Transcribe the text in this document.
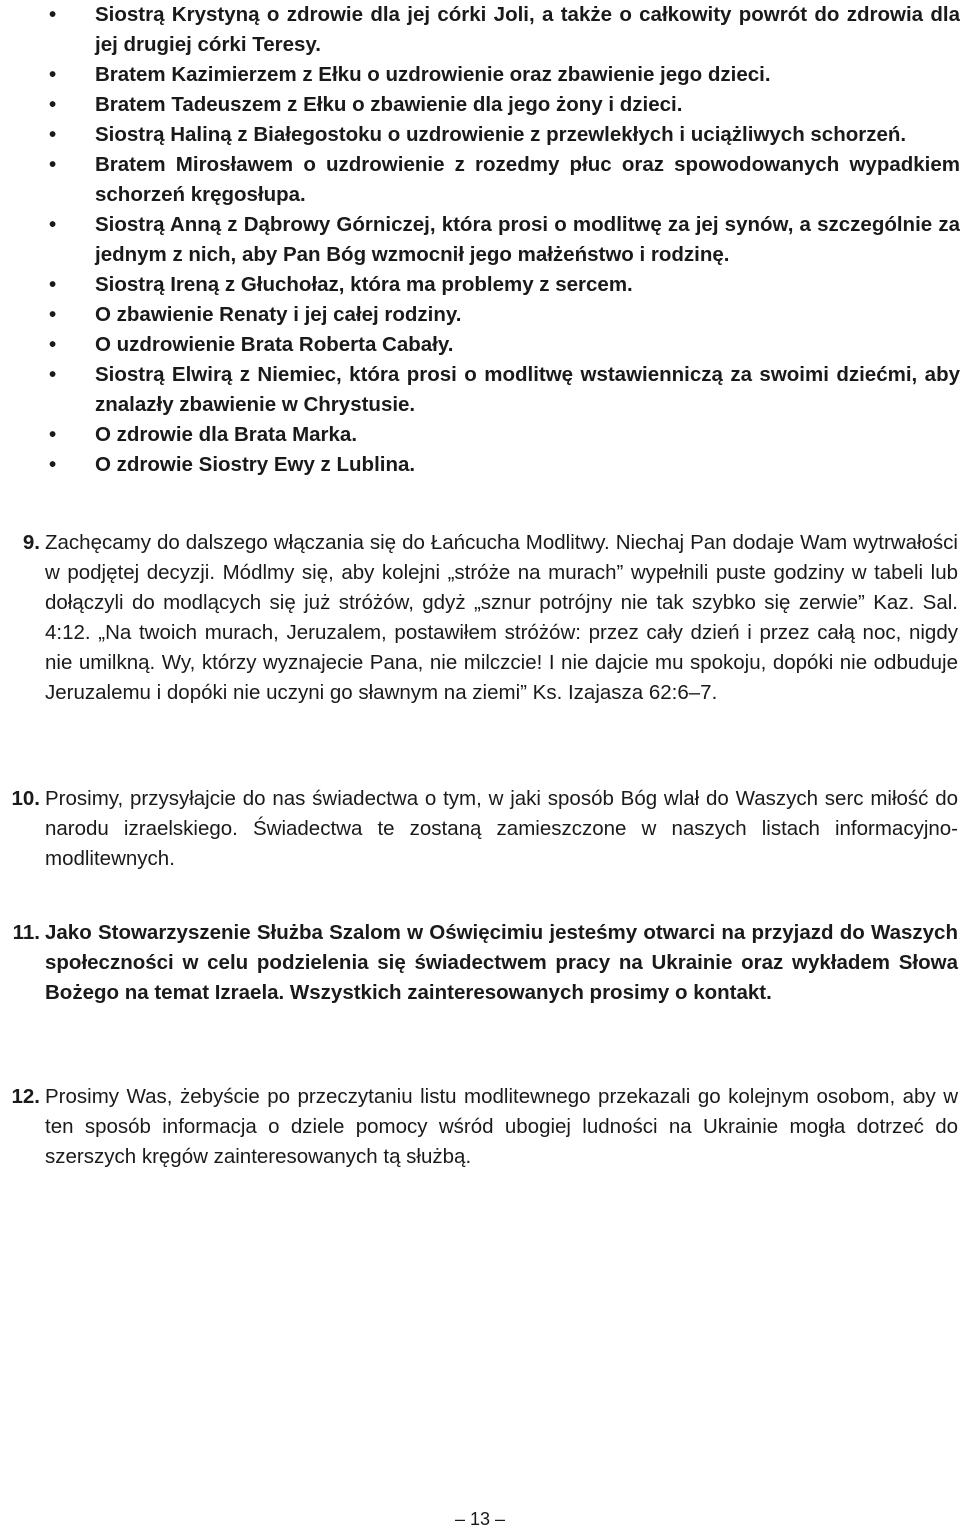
• Siostrą Krystyną o zdrowie dla jej córki Joli, a także o całkowity powrót do zdrowia dla jej drugiej córki Teresy.
• Bratem Kazimierzem z Ełku o uzdrowienie oraz zbawienie jego dzieci.
• Bratem Tadeuszem z Ełku o zbawienie dla jego żony i dzieci.
• Siostrą Haliną z Białegostoku o uzdrowienie z przewlekłych i uciążliwych schorzeń.
• Bratem Mirosławem o uzdrowienie z rozedmy płuc oraz spowodowanych wypadkiem schorzeń kręgosłupa.
• Siostrą Anną z Dąbrowy Górniczej, która prosi o modlitwę za jej synów, a szczególnie za jednym z nich, aby Pan Bóg wzmocnił jego małżeństwo i rodzinę.
• Siostrą Ireną z Głuchołaz, która ma problemy z sercem.
• O zbawienie Renaty i jej całej rodziny.
• O uzdrowienie Brata Roberta Cabały.
• Siostrą Elwirą z Niemiec, która prosi o modlitwę wstawienniczą za swoimi dziećmi, aby znalazły zbawienie w Chrystusie.
• O zdrowie dla Brata Marka.
• O zdrowie Siostry Ewy z Lublina.
9. Zachęcamy do dalszego włączania się do Łańcucha Modlitwy. Niechaj Pan dodaje Wam wytrwałości w podjętej decyzji. Módlmy się, aby kolejni „stróże na murach” wypełnili puste godziny w tabeli lub dołączyli do modlących się już stróżów, gdyż „sznur potrójny nie tak szybko się zerwie” Kaz. Sal. 4:12. „Na twoich murach, Jeruzalem, postawiłem stróżów: przez cały dzień i przez całą noc, nigdy nie umilkną. Wy, którzy wyznajecie Pana, nie milczcie! I nie dajcie mu spokoju, dopóki nie odbuduje Jeruzalemu i dopóki nie uczyni go sławnym na ziemi” Ks. Izajasza 62:6–7.
10. Prosimy, przysyłajcie do nas świadectwa o tym, w jaki sposób Bóg wlał do Waszych serc miłość do narodu izraelskiego. Świadectwa te zostaną zamieszczone w naszych listach informacyjno-modlitewnych.
11. Jako Stowarzyszenie Służba Szalom w Oświęcimiu jesteśmy otwarci na przyjazd do Waszych społeczności w celu podzielenia się świadectwem pracy na Ukrainie oraz wykładem Słowa Bożego na temat Izraela. Wszystkich zainteresowanych prosimy o kontakt.
12. Prosimy Was, żebyście po przeczytaniu listu modlitewnego przekazali go kolejnym osobom, aby w ten sposób informacja o dziele pomocy wśród ubogiej ludności na Ukrainie mogła dotrzeć do szerszych kręgów zainteresowanych tą służbą.
– 13 –
